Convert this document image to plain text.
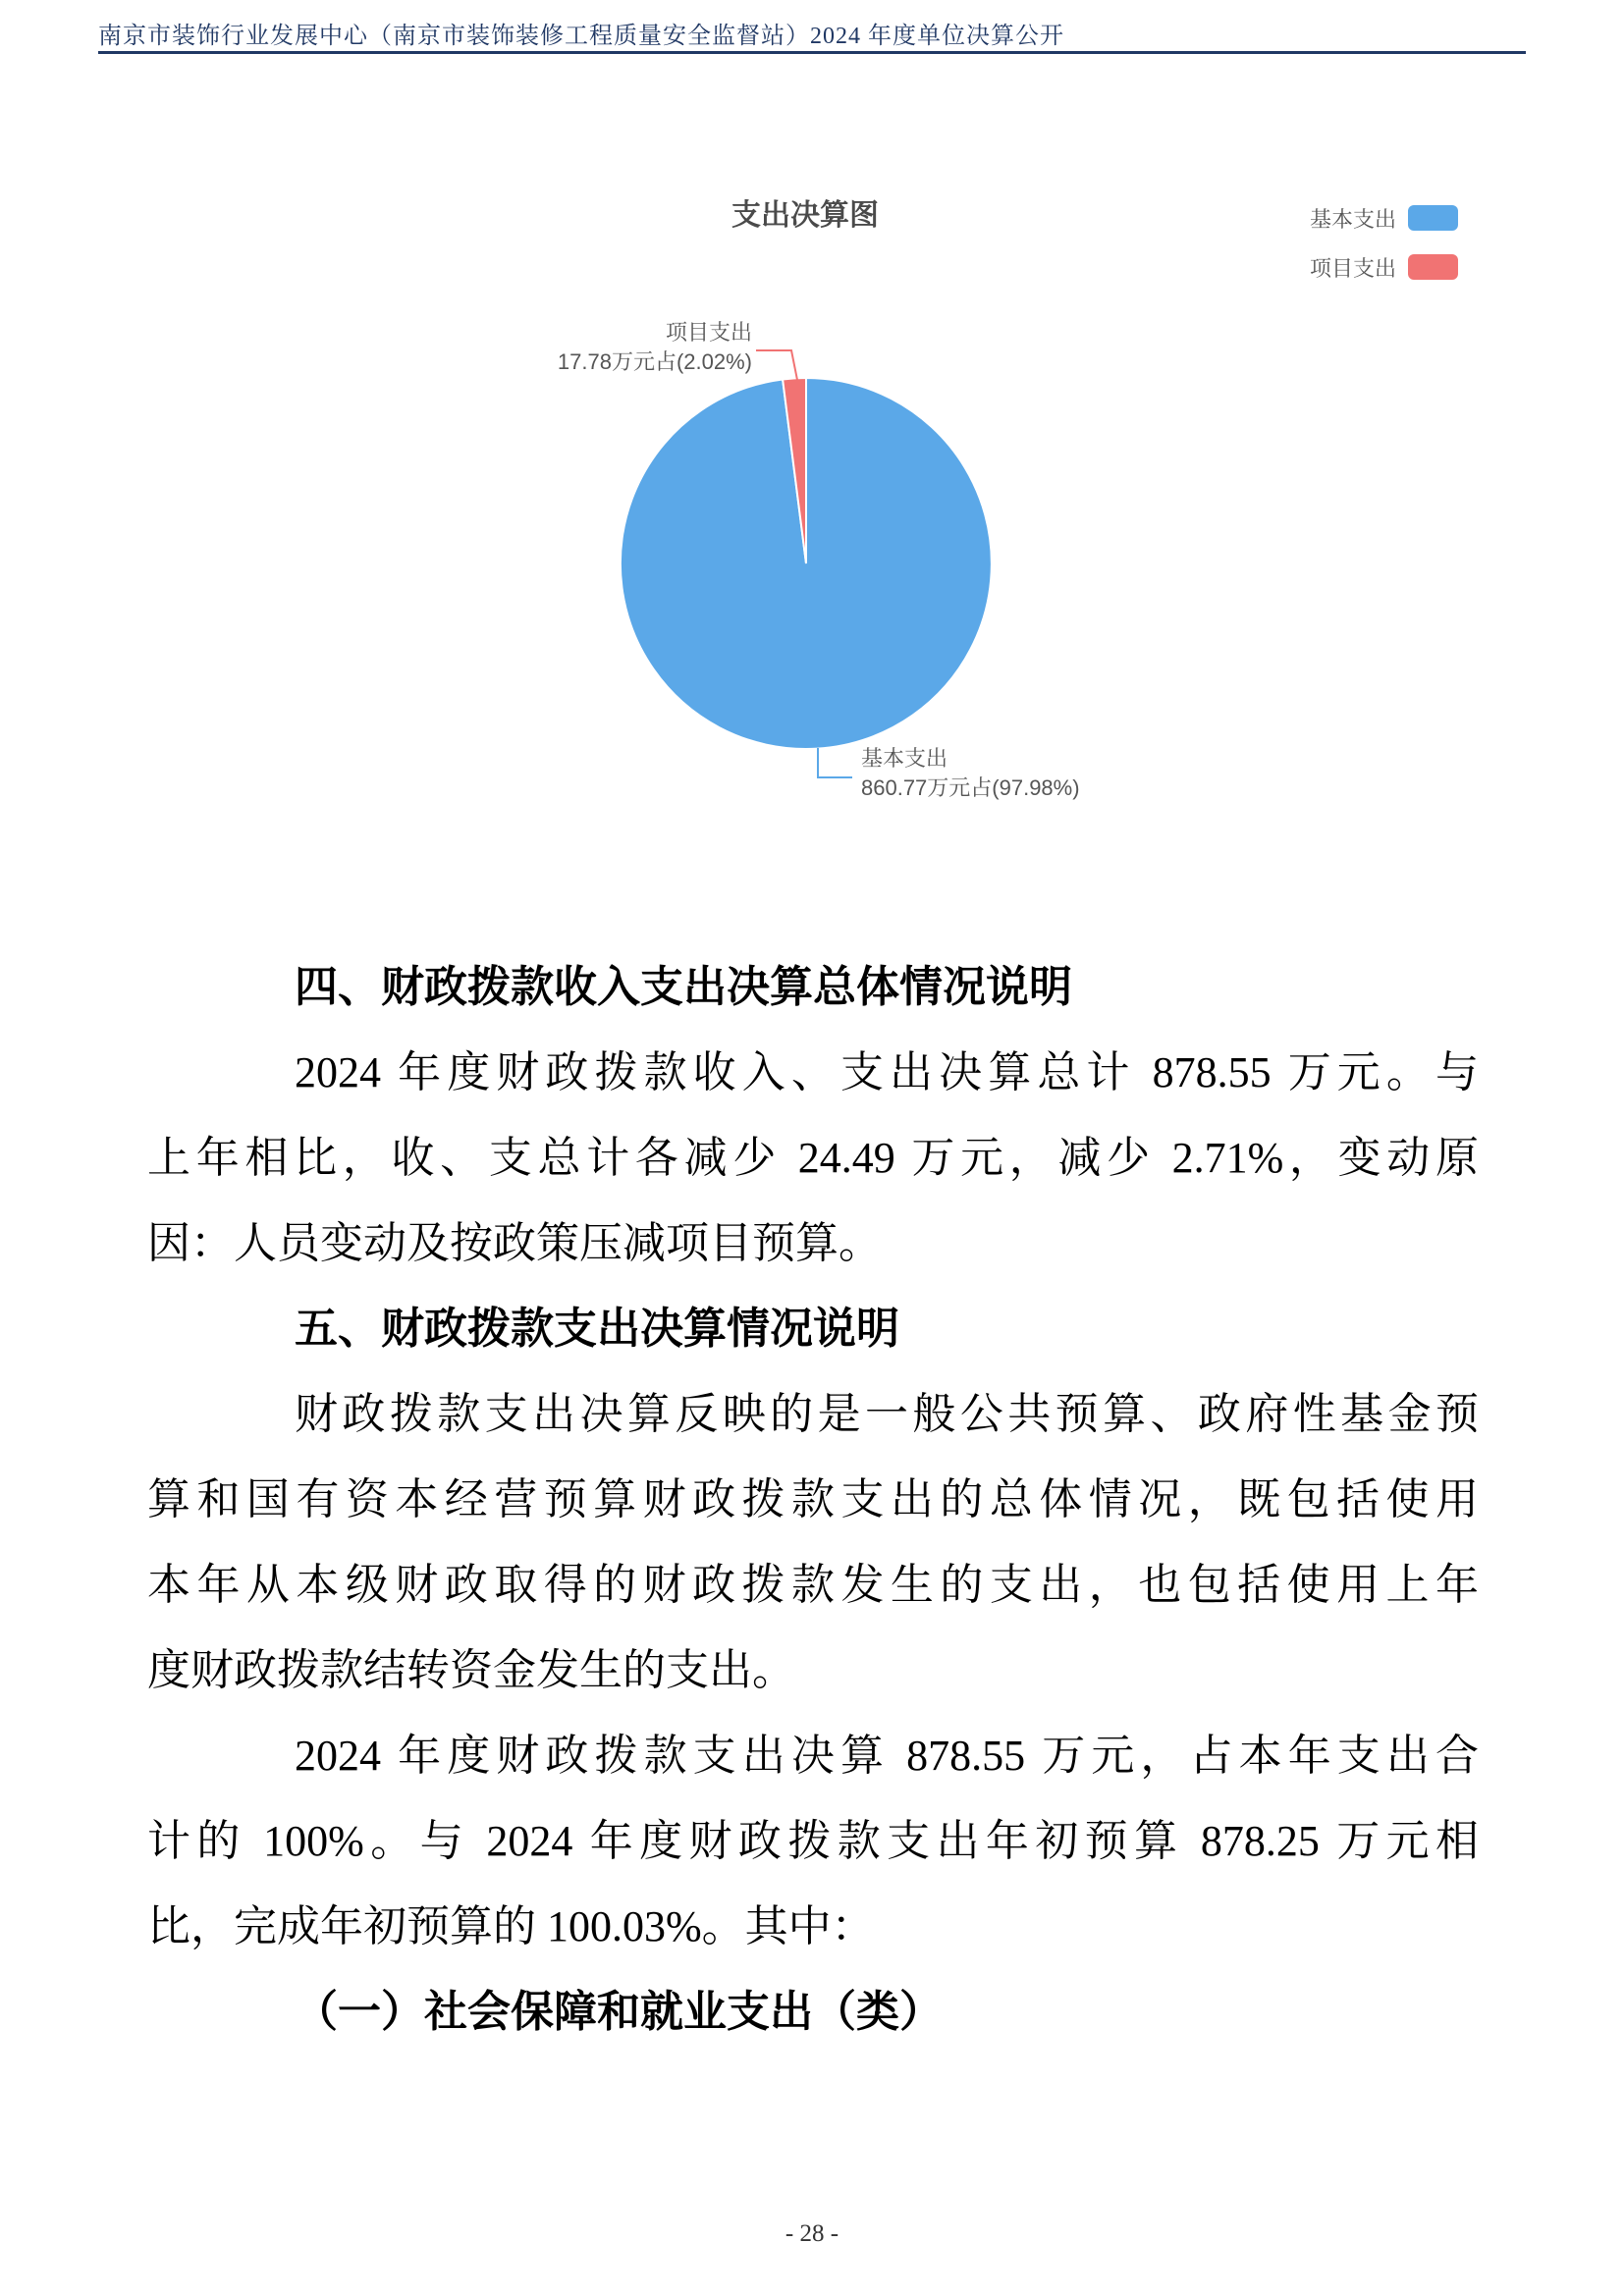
南京市装饰行业发展中心（南京市装饰装修工程质量安全监督站）2024 年度单位决算公开
支出决算图	基本支出
项目支出
项目支出
17.78万元占(2.02%)
基本支出
860.77万元占(97.98%)
四、财政拨款收入支出决算总体情况说明
2024 年度财政拨款收入、支出决算总计 878.55 万元。与
上年相比，收、支总计各减少 24.49 万元，减少 2.71%，变动原
因：人员变动及按政策压减项目预算。
五、财政拨款支出决算情况说明
财政拨款支出决算反映的是一般公共预算、政府性基金预
算和国有资本经营预算财政拨款支出的总体情况，既包括使用
本年从本级财政取得的财政拨款发生的支出，也包括使用上年
度财政拨款结转资金发生的支出。
2024 年度财政拨款支出决算 878.55 万元，占本年支出合
计的 100%。与 2024 年度财政拨款支出年初预算 878.25 万元相
比，完成年初预算的 100.03%。其中：
（一）社会保障和就业支出（类）
- 28 -
